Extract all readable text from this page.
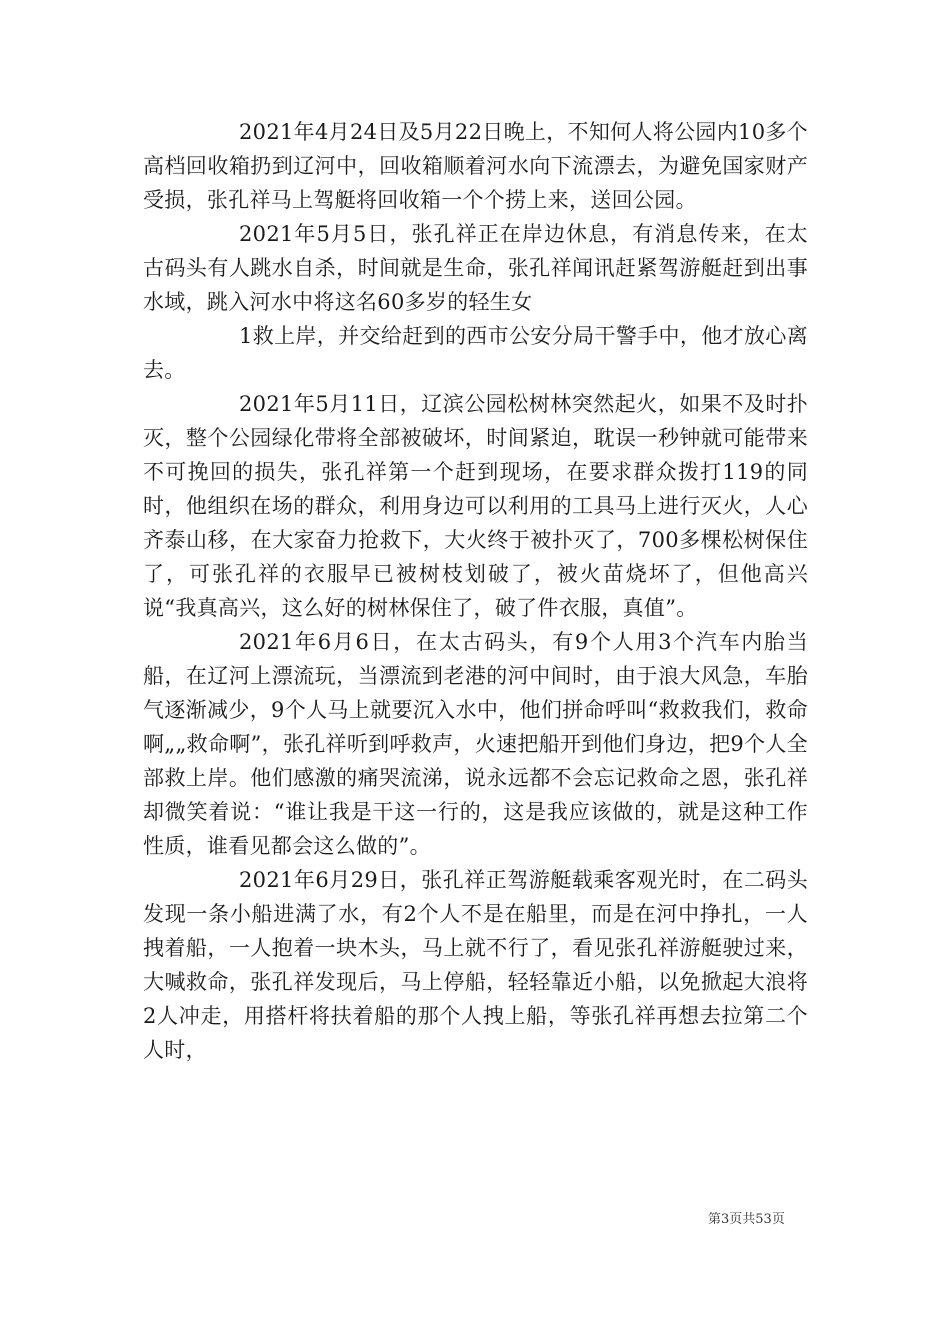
2021年4月24日及5月22日晚上，不知何人将公园内10多个高档回收箱扔到辽河中，回收箱顺着河水向下流漂去，为避免国家财产受损，张孔祥马上驾艇将回收箱一个个捞上来，送回公园。

2021年5月5日，张孔祥正在岸边休息，有消息传来，在太古码头有人跳水自杀，时间就是生命，张孔祥闻讯赶紧驾游艇赶到出事水域，跳入河水中将这名60多岁的轻生女

1救上岸，并交给赶到的西市公安分局干警手中，他才放心离去。

2021年5月11日，辽滨公园松树林突然起火，如果不及时扑灭，整个公园绿化带将全部被破坏，时间紧迫，耽误一秒钟就可能带来不可挽回的损失，张孔祥第一个赶到现场，在要求群众拨打119的同时，他组织在场的群众，利用身边可以利用的工具马上进行灭火，人心齐泰山移，在大家奋力抢救下，大火终于被扑灭了，700多棵松树保住了，可张孔祥的衣服早已被树枝划破了，被火苗烧坏了，但他高兴说“我真高兴，这么好的树林保住了，破了件衣服，真值”。

2021年6月6日，在太古码头，有9个人用3个汽车内胎当船，在辽河上漂流玩，当漂流到老港的河中间时，由于浪大风急，车胎气逐渐减少，9个人马上就要沉入水中，他们拼命呼叫“救救我们，救命啊„„救命啊”，张孔祥听到呼救声，火速把船开到他们身边，把9个人全部救上岸。他们感激的痛哭流涕，说永远都不会忘记救命之恩，张孔祥却微笑着说：“谁让我是干这一行的，这是我应该做的，就是这种工作性质，谁看见都会这么做的”。

2021年6月29日，张孔祥正驾游艇载乘客观光时，在二码头发现一条小船进满了水，有2个人不是在船里，而是在河中挣扎，一人拽着船，一人抱着一块木头，马上就不行了，看见张孔祥游艇驶过来，大喊救命，张孔祥发现后，马上停船，轻轻靠近小船，以免掀起大浪将2人冲走，用搭杆将扶着船的那个人拽上船，等张孔祥再想去拉第二个人时，

第3页共53页
